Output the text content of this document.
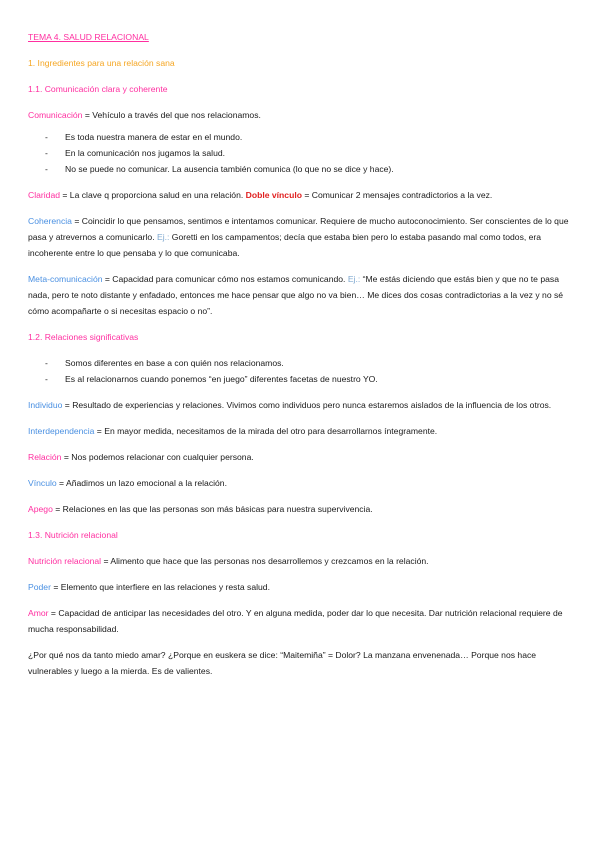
TEMA 4. SALUD RELACIONAL
1. Ingredientes para una relación sana
1.1. Comunicación clara y coherente

Comunicación = Vehículo a través del que nos relacionamos.

- Es toda nuestra manera de estar en el mundo.
- En la comunicación nos jugamos la salud.
- No se puede no comunicar. La ausencia también comunica (lo que no se dice y hace).

Claridad = La clave q proporciona salud en una relación. Doble vínculo = Comunicar 2 mensajes contradictorios a la vez.

Coherencia = Coincidir lo que pensamos, sentimos e intentamos comunicar. Requiere de mucho autoconocimiento. Ser conscientes de lo que pasa y atrevernos a comunicarlo. Ej.: Goretti en los campamentos; decía que estaba bien pero lo estaba pasando mal como todos, era incoherente entre lo que pensaba y lo que comunicaba.

Meta-comunicación = Capacidad para comunicar cómo nos estamos comunicando. Ej.: “Me estás diciendo que estás bien y que no te pasa nada, pero te noto distante y enfadado, entonces me hace pensar que algo no va bien… Me dices dos cosas contradictorias a la vez y no sé cómo acompañarte o si necesitas espacio o no”.

1.2. Relaciones significativas
- Somos diferentes en base a con quién nos relacionamos.
- Es al relacionarnos cuando ponemos “en juego” diferentes facetas de nuestro YO.

Individuo = Resultado de experiencias y relaciones. Vivimos como individuos pero nunca estaremos aislados de la influencia de los otros.

Interdependencia = En mayor medida, necesitamos de la mirada del otro para desarrollarnos íntegramente.

Relación = Nos podemos relacionar con cualquier persona.

Vínculo = Añadimos un lazo emocional a la relación.

Apego = Relaciones en las que las personas son más básicas para nuestra supervivencia.

1.3. Nutrición relacional

Nutrición relacional = Alimento que hace que las personas nos desarrollemos y crezcamos en la relación.

Poder = Elemento que interfiere en las relaciones y resta salud.

Amor = Capacidad de anticipar las necesidades del otro. Y en alguna medida, poder dar lo que necesita. Dar nutrición relacional requiere de mucha responsabilidad.

¿Por qué nos da tanto miedo amar? ¿Porque en euskera se dice: “Maitemiña” = Dolor? La manzana envenenada… Porque nos hace vulnerables y luego a la mierda. Es de valientes.
